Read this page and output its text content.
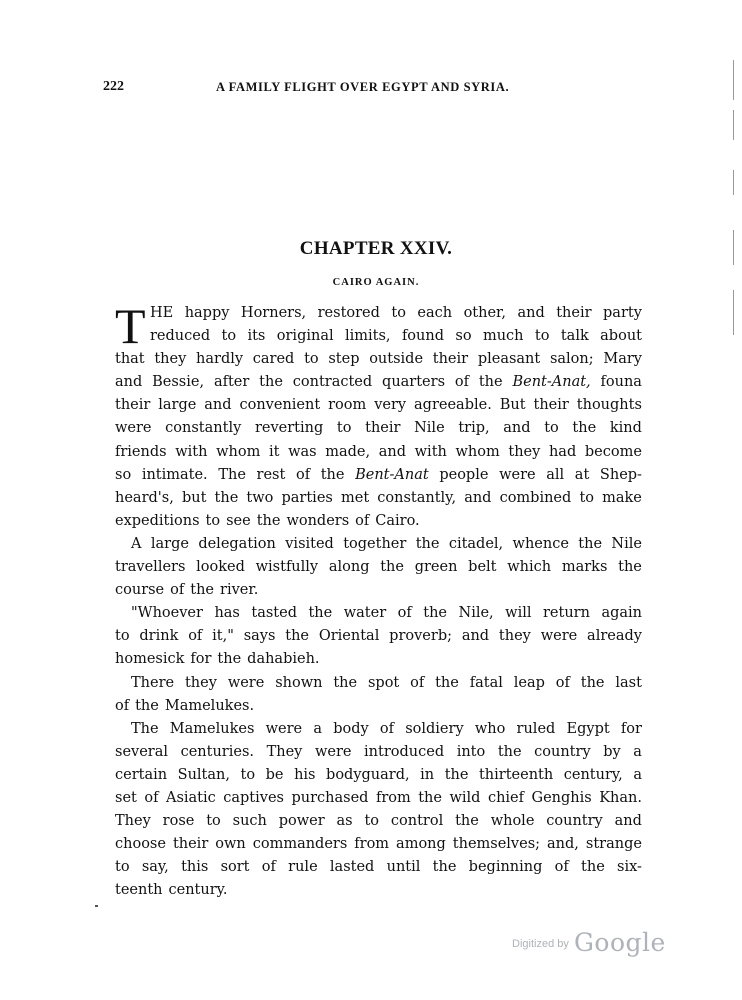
222	A FAMILY FLIGHT OVER EGYPT AND SYRIA.
CHAPTER XXIV.
CAIRO AGAIN.
T HE happy Horners, restored to each other, and their party
reduced to its original limits, found so much to talk about
that they hardly cared to step outside their pleasant salon; Mary
and Bessie, after the contracted quarters of the Bent-Anat, founa
their large and convenient room very agreeable. But their thoughts
were constantly reverting to their Nile trip, and to the kind
friends with whom it was made, and with whom they had become
so intimate. The rest of the Bent-Anat people were all at Shep-
heard's, but the two parties met constantly, and combined to make
expeditions to see the wonders of Cairo.
A large delegation visited together the citadel, whence the Nile
travellers looked wistfully along the green belt which marks the
course of the river.
"Whoever has tasted the water of the Nile, will return again
to drink of it," says the Oriental proverb; and they were already
homesick for the dahabieh.
There they were shown the spot of the fatal leap of the last
of the Mamelukes.
The Mamelukes were a body of soldiery who ruled Egypt for
several centuries. They were introduced into the country by a
certain Sultan, to be his bodyguard, in the thirteenth century, a
set of Asiatic captives purchased from the wild chief Genghis Khan.
They rose to such power as to control the whole country and
choose their own commanders from among themselves; and, strange
to say, this sort of rule lasted until the beginning of the six-
teenth century.
$^{Digitized by}$ Google
